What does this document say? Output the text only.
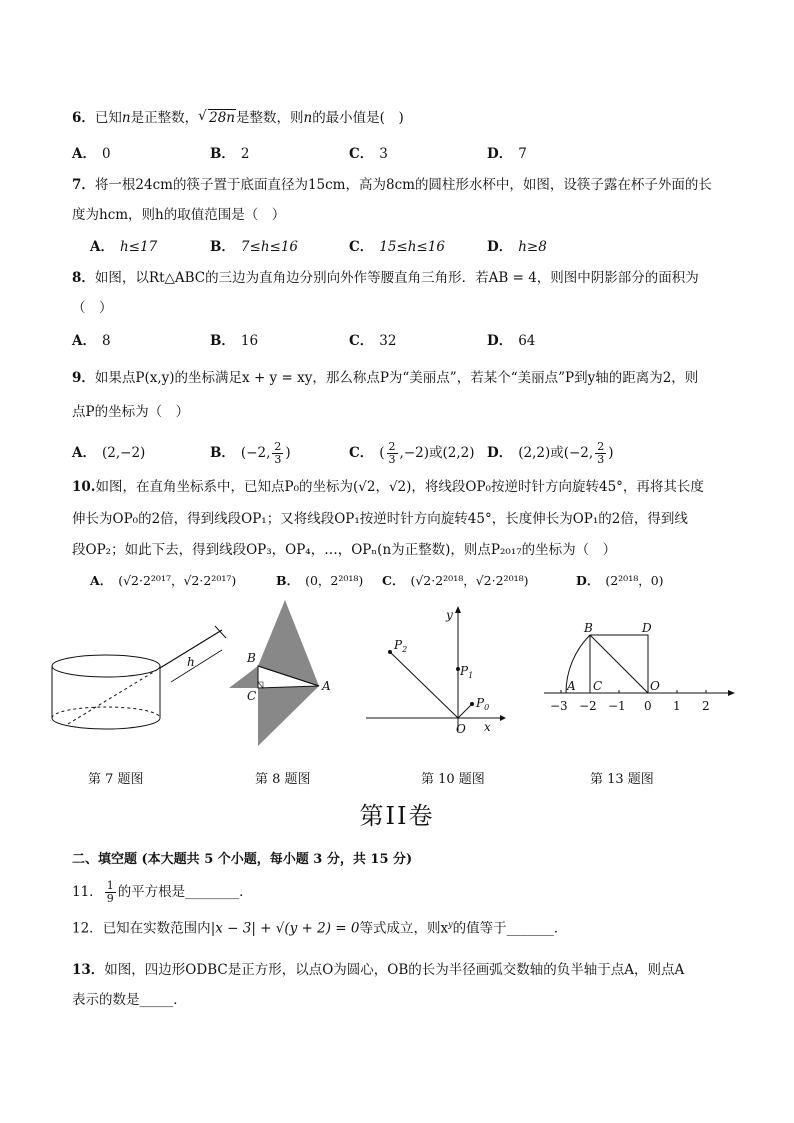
6．已知n是正整数，√ 28n是整数，则n的最小值是(　)
A． 0	B． 2	C． 3	D． 7
7．将一根24cm的筷子置于底面直径为15cm，高为8cm的圆柱形水杯中，如图，设筷子露在杯子外面的长
度为hcm，则h的取值范围是（　）
A． h≤17	B． 7≤h≤16	C． 15≤h≤16	D． h≥8
8．如图，以Rt△ABC的三边为直角边分别向外作等腰直角三角形．若AB = 4，则图中阴影部分的面积为
（　）
A． 8	B． 16	C． 32	D． 64
9．如果点P(x,y)的坐标满足x + y = xy，那么称点P为“美丽点”，若某个“美丽点”P到y轴的距离为2，则
点P的坐标为（　）
A． (2,−2)	B． (−2, $\frac{2}{3}$ )	C． ( $\frac{2}{3} ,-2$)或(2,2) D． (2,2)或(−2, $\frac{2}{3}$ )
10.如图，在直角坐标系中，已知点P₀的坐标为(√2，√2)，将线段OP₀按逆时针方向旋转45°，再将其长度
伸长为OP₀的2倍，得到线段OP₁；又将线段OP₁按逆时针方向旋转45°，长度伸长为OP₁的2倍，得到线
段OP₂；如此下去，得到线段OP₃，OP₄，…，OPₙ(n为正整数)，则点P₂₀₁₇的坐标为（　）
A． (√2·2²⁰¹⁷，√2·2²⁰¹⁷)	B． (0，2²⁰¹⁸) C． (√2·2²⁰¹⁸，√2·2²⁰¹⁸)	D． (2²⁰¹⁸，0)
h	B
C
A
y
x
O
$P_0$
$P_1$
$P_2$
B	D
A C	O
−3 −2 −1 0 1 2
第 7 题图	第 8 题图	第 10 题图	第 13 题图
第II卷
二、填空题 (本大题共 5 个小题，每小题 3 分，共 15 分)
11． $\frac{1}{9}$ 的平方根是________．
12．已知在实数范围内|x − 3| + √(y + 2) = 0等式成立，则$x^y$的值等于_______．
13．如图，四边形ODBC是正方形，以点O为圆心，OB的长为半径画弧交数轴的负半轴于点A，则点A
表示的数是_____．
